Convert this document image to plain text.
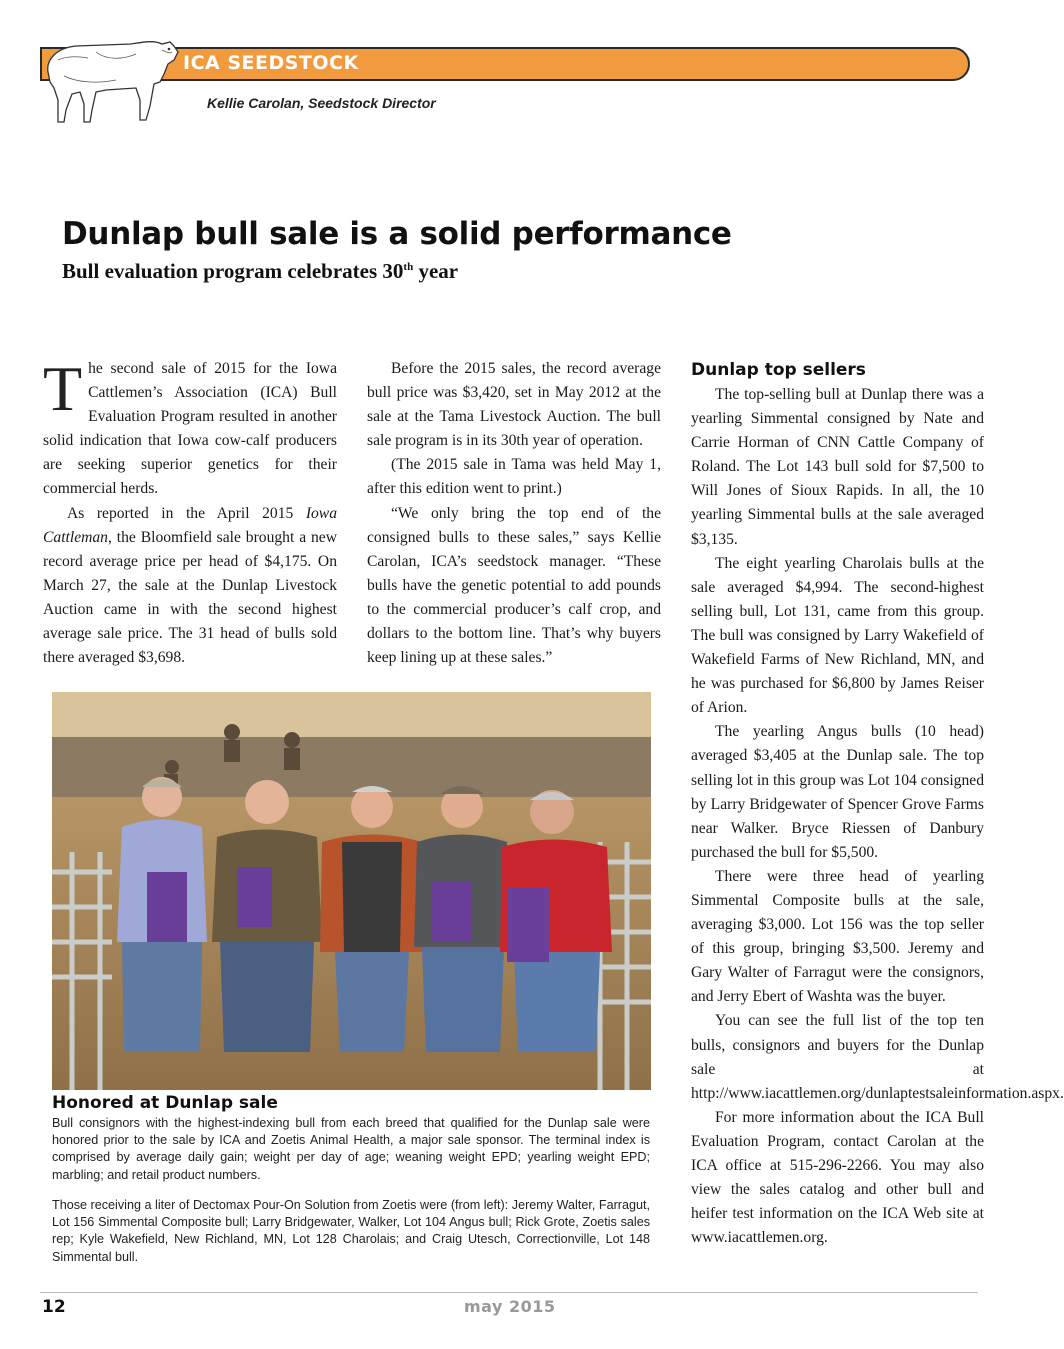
ICA SEEDSTOCK
Kellie Carolan, Seedstock Director
Dunlap bull sale is a solid performance
Bull evaluation program celebrates 30th year

The second sale of 2015 for the Iowa Cattlemen’s Association (ICA) Bull Evaluation Program resulted in another solid indication that Iowa cow-calf producers are seeking superior genetics for their commercial herds.

As reported in the April 2015 Iowa Cattleman, the Bloomfield sale brought a new record average price per head of $4,175. On March 27, the sale at the Dunlap Livestock Auction came in with the second highest average sale price. The 31 head of bulls sold there averaged $3,698.

Before the 2015 sales, the record average bull price was $3,420, set in May 2012 at the sale at the Tama Livestock Auction. The bull sale program is in its 30th year of operation.

(The 2015 sale in Tama was held May 1, after this edition went to print.)

“We only bring the top end of the consigned bulls to these sales,” says Kellie Carolan, ICA’s seedstock manager. “These bulls have the genetic potential to add pounds to the commercial producer’s calf crop, and dollars to the bottom line. That’s why buyers keep lining up at these sales.”

Dunlap top sellers

The top-selling bull at Dunlap there was a yearling Simmental consigned by Nate and Carrie Horman of CNN Cattle Company of Roland. The Lot 143 bull sold for $7,500 to Will Jones of Sioux Rapids. In all, the 10 yearling Simmental bulls at the sale averaged $3,135.

The eight yearling Charolais bulls at the sale averaged $4,994. The second-highest selling bull, Lot 131, came from this group. The bull was consigned by Larry Wakefield of Wakefield Farms of New Richland, MN, and he was purchased for $6,800 by James Reiser of Arion.

The yearling Angus bulls (10 head) averaged $3,405 at the Dunlap sale. The top selling lot in this group was Lot 104 consigned by Larry Bridgewater of Spencer Grove Farms near Walker. Bryce Riessen of Danbury purchased the bull for $5,500.

There were three head of yearling Simmental Composite bulls at the sale, averaging $3,000. Lot 156 was the top seller of this group, bringing $3,500. Jeremy and Gary Walter of Farragut were the consignors, and Jerry Ebert of Washta was the buyer.

You can see the full list of the top ten bulls, consignors and buyers for the Dunlap sale at http://www.iacattlemen.org/dunlaptestsaleinformation.aspx.

For more information about the ICA Bull Evaluation Program, contact Carolan at the ICA office at 515-296-2266. You may also view the sales catalog and other bull and heifer test information on the ICA Web site at www.iacattlemen.org.

Honored at Dunlap sale
Bull consignors with the highest-indexing bull from each breed that qualified for the Dunlap sale were honored prior to the sale by ICA and Zoetis Animal Health, a major sale sponsor. The terminal index is comprised by average daily gain; weight per day of age; weaning weight EPD; yearling weight EPD; marbling; and retail product numbers.
Those receiving a liter of Dectomax Pour-On Solution from Zoetis were (from left): Jeremy Walter, Farragut, Lot 156 Simmental Composite bull; Larry Bridgewater, Walker, Lot 104 Angus bull; Rick Grote, Zoetis sales rep; Kyle Wakefield, New Richland, MN, Lot 128 Charolais; and Craig Utesch, Correctionville, Lot 148 Simmental bull.
12	may 2015
